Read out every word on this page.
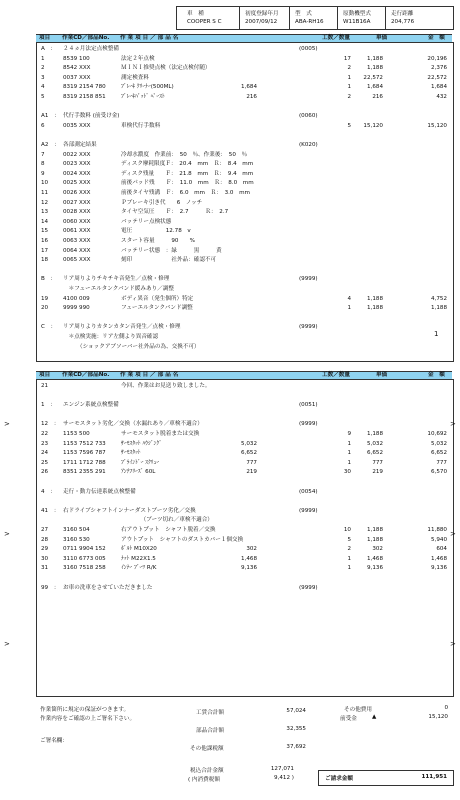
車　種
COOPER S C
初度登録年月
2007/09/12
型　式
ABA-RH16
原動機型式
W11B16A
走行距離
204,776
項目 作業CD／部品No. 作 業 項 目 ／ 部 品 名	工数／数量	単価	金　額
A　： ２４ヵ月法定点検整備	(0005)
1	8539 100	法定２年点検	17	1,188	20,196
2	8542 XXX	ＭＩＮＩ推奨点検（法定点検付随）	2	1,188	2,376
3	0037 XXX	測定検査料	1	22,572	22,572
4	8319 2154 780	ﾌﾞﾚｰｷ ｸﾘｰﾅｰ(500ML)	1,684	1	1,684	1,684
5	8319 2158 851	ﾌﾞﾚｰｷﾊﾟｯﾄﾞ ﾍﾟｰｽﾄ	216	2	216	432
A1　： 代行手数料 (前受け金)	(0060)
6	0035 XXX	車検代行手数料	5	15,120	15,120
A2　： 各部測定結果	(K020)
7	0022 XXX	冷却水濃度　作業前：　50　％、作業後：　50　％
8	0023 XXX	ディスク摩耗限度Ｆ：　20.4　mm　Ｒ：　8.4　mm
9	0024 XXX	ディスク残量　　Ｆ：　21.8　mm　Ｒ：　9.4　mm
10	0025 XXX	前後パッド残　　Ｆ：　11.0　mm　Ｒ：　8.0　mm
11	0026 XXX	前後タイヤ残溝　Ｆ：　6.0　mm　Ｒ：　3.0　mm
12	0027 XXX	Ｐブレーキ引き代　　6　ノッチ
13	0028 XXX	タイヤ空気圧　　Ｆ：　2.7　　　Ｒ：　2.7
14	0060 XXX	バッテリー点検状態
15	0061 XXX	電圧　　　　　　12.78　v
16	0063 XXX	スタート容量　　　90　　%
17	0064 XXX	バッテリー状態　：緑　　　黒　　　黄
18	0065 XXX	刻印　　　　　　　社外品：確認不可
B　： リア周りよりチキチキ音発生／点検・修理	(9999)
　＊フューエルタンクバンド緩みあり／調整
19	4100 009	ボディ異音（発生個所）特定	4	1,188	4,752
20	9999 990	フューエルタンクバンド調整	1	1,188	1,188
C　： リア周りよりカタンカタン音発生／点検・修理	(9999)
　＊点検実施：リア左側より異音確認
　　　（ショックアブソーバー社外品の為、交換不可）
項目 作業CD／部品No. 作 業 項 目 ／ 部 品 名	工数／数量	単価	金　額
21	今回、作業はお見送り致しました。
1　： エンジン系統点検整備	(0051)
12　： サーモスタット劣化／交換（水漏れあり／車検不適合）	(9999)
22	1153 500	サーモスタット脱着または交換	9	1,188	10,692
23	1153 7512 733	ｻｰﾓｽﾀｯﾄ ﾊｳｼﾞﾝｸﾞ	5,032	1	5,032	5,032
24	1153 7596 787	ｻｰﾓｽﾀｯﾄ	6,652	1	6,652	6,652
25	1711 1712 788	ﾌﾞﾗｲﾝﾄﾞｰ ｽｸﾘｭｰ	777	1	777	777
26	8351 2355 291	ｱﾝﾁﾌﾘｰｽﾞ 60L	219	30	219	6,570
4　： 走行・動力伝達系統点検整備	(0054)
41　： 右ドライブシャフトインナーダストブーツ劣化／交換	(9999)
　　　　（ブーツ切れ／車検不適合）
27	3160 504	右アウトプット　シャフト脱着／交換	10	1,188	11,880
28	3160 530	アウトプット　シャフトのダストカバー１個交換	5	1,188	5,940
29	0711 9904 152	ﾎﾞﾙﾄ M10X20	302	2	302	604
30	3110 6773 005	ﾅｯﾄ M22X1.5	1,468	1	1,468	1,468
31	3160 7518 258	ｲﾝﾅｰ ﾌﾞｰﾂ R/K	9,136	1	9,136	9,136
99　： お車の洗車をさせていただきました	(9999)
1
>
>
>
>
>
>
作業箇所に規定の保証がつきます。
作業内容をご確認の上ご署名下さい。
ご署名欄：
工賃合計額	57,024
部品合計額	32,355
その他課税額	37,692
税込合計金額	127,071
( 内消費税額	9,412 )
その他費用	0
前受金	▲	15,120
ご請求金額	111,951
